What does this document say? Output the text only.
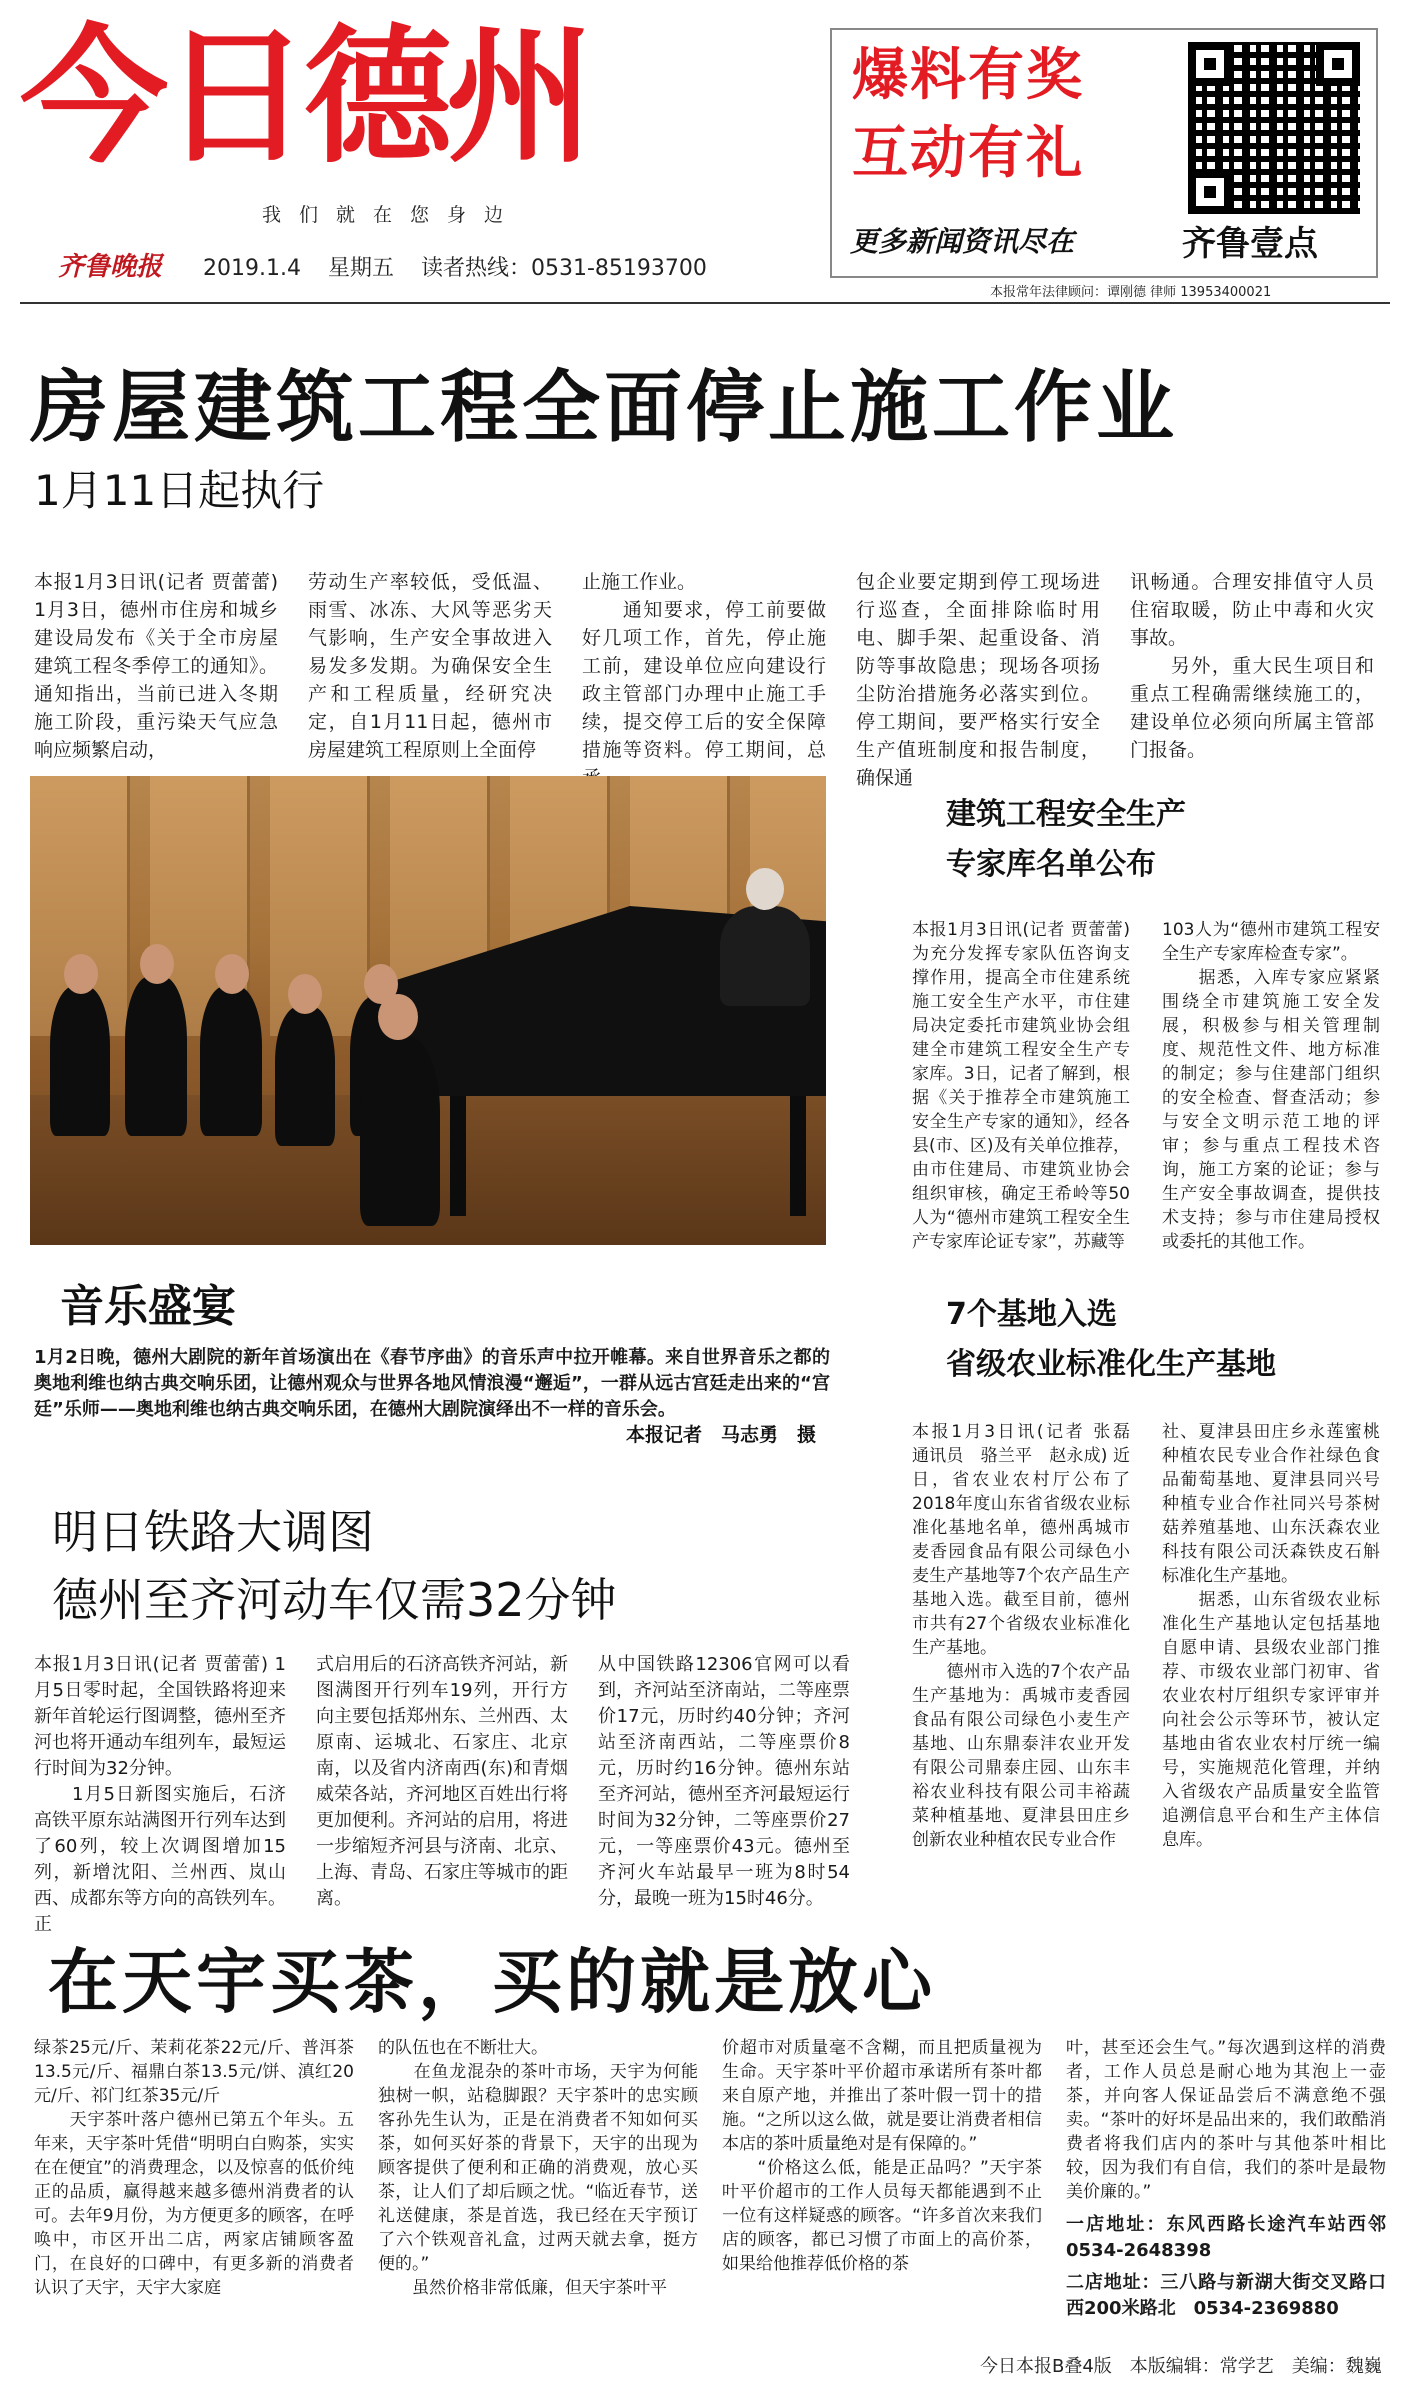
今日德州
我们就在您身边
齐鲁晚报 2019.1.4 星期五 读者热线：0531-85193700
本报常年法律顾问：谭刚德 律师 13953400021
爆料有奖
互动有礼
更多新闻资讯尽在	齐鲁壹点
房屋建筑工程全面停止施工作业
1月11日起执行
本报1月3日讯(记者 贾蕾蕾) 1月3日，德州市住房和城乡建设局发布《关于全市房屋建筑工程冬季停工的通知》。通知指出，当前已进入冬期施工阶段，重污染天气应急响应频繁启动，
劳动生产率较低，受低温、雨雪、冰冻、大风等恶劣天气影响，生产安全事故进入易发多发期。为确保安全生产和工程质量，经研究决定，自1月11日起，德州市房屋建筑工程原则上全面停
止施工作业。
　　通知要求，停工前要做好几项工作，首先，停止施工前，建设单位应向建设行政主管部门办理中止施工手续，提交停工后的安全保障措施等资料。停工期间，总
包企业要定期到停工现场进行巡查，全面排除临时用电、脚手架、起重设备、消防等事故隐患；现场各项扬尘防治措施务必落实到位。停工期间，要严格实行安全生产值班制度和报告制度，确保通
讯畅通。合理安排值守人员住宿取暖，防止中毒和火灾事故。
　　另外，重大民生项目和重点工程确需继续施工的，建设单位必须向所属主管部门报备。
音乐盛宴
1月2日晚，德州大剧院的新年首场演出在《春节序曲》的音乐声中拉开帷幕。来自世界音乐之都的奥地利维也纳古典交响乐团，让德州观众与世界各地风情浪漫“邂逅”，一群从远古宫廷走出来的“宫廷”乐师——奥地利维也纳古典交响乐团，在德州大剧院演绎出不一样的音乐会。
本报记者　马志勇　摄
建筑工程安全生产
专家库名单公布
本报1月3日讯(记者 贾蕾蕾) 为充分发挥专家队伍咨询支撑作用，提高全市住建系统施工安全生产水平，市住建局决定委托市建筑业协会组建全市建筑工程安全生产专家库。3日，记者了解到，根据《关于推荐全市建筑施工安全生产专家的通知》，经各县(市、区)及有关单位推荐，由市住建局、市建筑业协会组织审核，确定王希岭等50人为“德州市建筑工程安全生产专家库论证专家”，苏藏等
103人为“德州市建筑工程安全生产专家库检查专家”。
　　据悉，入库专家应紧紧围绕全市建筑施工安全发展，积极参与相关管理制度、规范性文件、地方标准的制定；参与住建部门组织的安全检查、督查活动；参与安全文明示范工地的评审；参与重点工程技术咨询，施工方案的论证；参与生产安全事故调查，提供技术支持；参与市住建局授权或委托的其他工作。
7个基地入选
省级农业标准化生产基地
本报1月3日讯(记者 张磊　通讯员　骆兰平　赵永成) 近日，省农业农村厅公布了2018年度山东省省级农业标准化基地名单，德州禹城市麦香园食品有限公司绿色小麦生产基地等7个农产品生产基地入选。截至目前，德州市共有27个省级农业标准化生产基地。
　　德州市入选的7个农产品生产基地为：禹城市麦香园食品有限公司绿色小麦生产基地、山东鼎泰沣农业开发有限公司鼎泰庄园、山东丰裕农业科技有限公司丰裕蔬菜种植基地、夏津县田庄乡创新农业种植农民专业合作
社、夏津县田庄乡永莲蜜桃种植农民专业合作社绿色食品葡萄基地、夏津县同兴号种植专业合作社同兴号茶树菇养殖基地、山东沃森农业科技有限公司沃森铁皮石斛标准化生产基地。
　　据悉，山东省级农业标准化生产基地认定包括基地自愿申请、县级农业部门推荐、市级农业部门初审、省农业农村厅组织专家评审并向社会公示等环节，被认定基地由省农业农村厅统一编号，实施规范化管理，并纳入省级农产品质量安全监管追溯信息平台和生产主体信息库。
明日铁路大调图
德州至齐河动车仅需32分钟
本报1月3日讯(记者 贾蕾蕾) 1月5日零时起，全国铁路将迎来新年首轮运行图调整，德州至齐河也将开通动车组列车，最短运行时间为32分钟。
　　1月5日新图实施后，石济高铁平原东站满图开行列车达到了60列，较上次调图增加15列，新增沈阳、兰州西、岚山西、成都东等方向的高铁列车。正
式启用后的石济高铁齐河站，新图满图开行列车19列，开行方向主要包括郑州东、兰州西、太原南、运城北、石家庄、北京南，以及省内济南西(东)和青烟威荣各站，齐河地区百姓出行将更加便利。齐河站的启用，将进一步缩短齐河县与济南、北京、上海、青岛、石家庄等城市的距离。
从中国铁路12306官网可以看到，齐河站至济南站，二等座票价17元，历时约40分钟；齐河站至济南西站，二等座票价8元，历时约16分钟。德州东站至齐河站，德州至齐河最短运行时间为32分钟，二等座票价27元，一等座票价43元。德州至齐河火车站最早一班为8时54分，最晚一班为15时46分。
在天宇买茶，买的就是放心
绿茶25元/斤、茉莉花茶22元/斤、普洱茶13.5元/斤、福鼎白茶13.5元/饼、滇红20元/斤、祁门红茶35元/斤
　　天宇茶叶落户德州已第五个年头。五年来，天宇茶叶凭借“明明白白购茶，实实在在便宜”的消费理念，以及惊喜的低价纯正的品质，赢得越来越多德州消费者的认可。去年9月份，为方便更多的顾客，在呼唤中，市区开出二店，两家店铺顾客盈门，在良好的口碑中，有更多新的消费者认识了天宇，天宇大家庭
的队伍也在不断壮大。
　　在鱼龙混杂的茶叶市场，天宇为何能独树一帜，站稳脚跟？天宇茶叶的忠实顾客孙先生认为，正是在消费者不知如何买茶，如何买好茶的背景下，天宇的出现为顾客提供了便利和正确的消费观，放心买茶，让人们了却后顾之忧。“临近春节，送礼送健康，茶是首选，我已经在天宇预订了六个铁观音礼盒，过两天就去拿，挺方便的。”
　　虽然价格非常低廉，但天宇茶叶平
价超市对质量毫不含糊，而且把质量视为生命。天宇茶叶平价超市承诺所有茶叶都来自原产地，并推出了茶叶假一罚十的措施。“之所以这么做，就是要让消费者相信本店的茶叶质量绝对是有保障的。”
　　“价格这么低，能是正品吗？”天宇茶叶平价超市的工作人员每天都能遇到不止一位有这样疑惑的顾客。“许多首次来我们店的顾客，都已习惯了市面上的高价茶，如果给他推荐低价格的茶
叶，甚至还会生气。”每次遇到这样的消费者，工作人员总是耐心地为其泡上一壶茶，并向客人保证品尝后不满意绝不强卖。“茶叶的好坏是品出来的，我们敢酷消费者将我们店内的茶叶与其他茶叶相比较，因为我们有自信，我们的茶叶是最物美价廉的。”
一店地址：东风西路长途汽车站西邻　0534-2648398
二店地址：三八路与新湖大街交叉路口西200米路北　0534-2369880
今日本报B叠4版　本版编辑：常学艺　美编：魏巍
